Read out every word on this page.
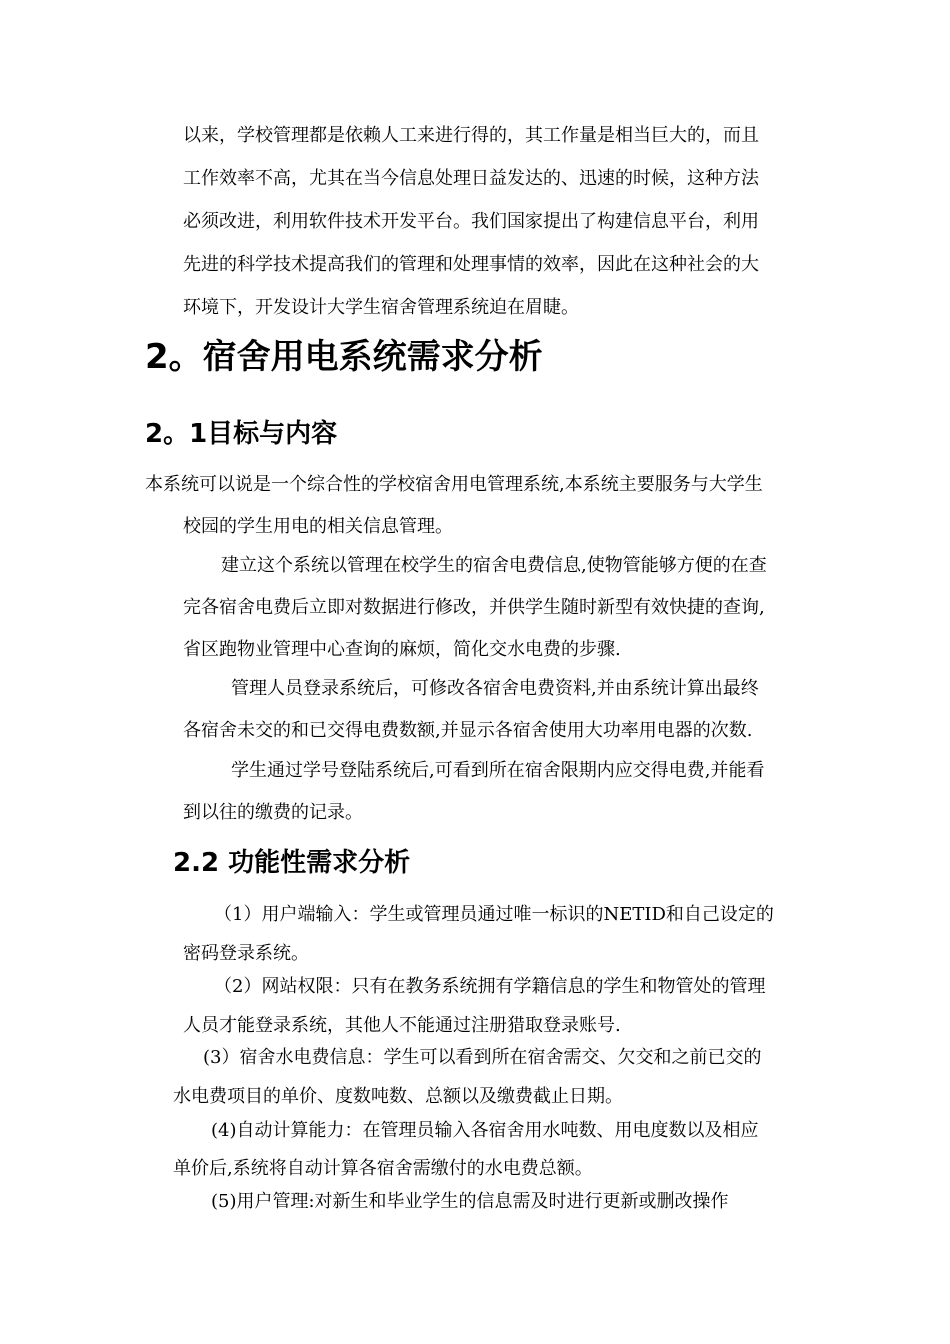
以来，学校管理都是依赖人工来进行得的，其工作量是相当巨大的，而且

工作效率不高，尤其在当今信息处理日益发达的、迅速的时候，这种方法

必须改进，利用软件技术开发平台。我们国家提出了构建信息平台，利用

先进的科学技术提高我们的管理和处理事情的效率，因此在这种社会的大

环境下，开发设计大学生宿舍管理系统迫在眉睫。

2。宿舍用电系统需求分析
2。1目标与内容

本系统可以说是一个综合性的学校宿舍用电管理系统,本系统主要服务与大学生

校园的学生用电的相关信息管理。

建立这个系统以管理在校学生的宿舍电费信息,使物管能够方便的在查

完各宿舍电费后立即对数据进行修改，并供学生随时新型有效快捷的查询,

省区跑物业管理中心查询的麻烦，简化交水电费的步骤.

管理人员登录系统后，可修改各宿舍电费资料,并由系统计算出最终

各宿舍未交的和已交得电费数额,并显示各宿舍使用大功率用电器的次数.

学生通过学号登陆系统后,可看到所在宿舍限期内应交得电费,并能看

到以往的缴费的记录。

2.2 功能性需求分析

（1）用户端输入：学生或管理员通过唯一标识的NETID和自己设定的

密码登录系统。

（2）网站权限：只有在教务系统拥有学籍信息的学生和物管处的管理

人员才能登录系统，其他人不能通过注册猎取登录账号.

(3）宿舍水电费信息：学生可以看到所在宿舍需交、欠交和之前已交的

水电费项目的单价、度数吨数、总额以及缴费截止日期。

(4)自动计算能力：在管理员输入各宿舍用水吨数、用电度数以及相应

单价后,系统将自动计算各宿舍需缴付的水电费总额。

(5)用户管理:对新生和毕业学生的信息需及时进行更新或删改操作
